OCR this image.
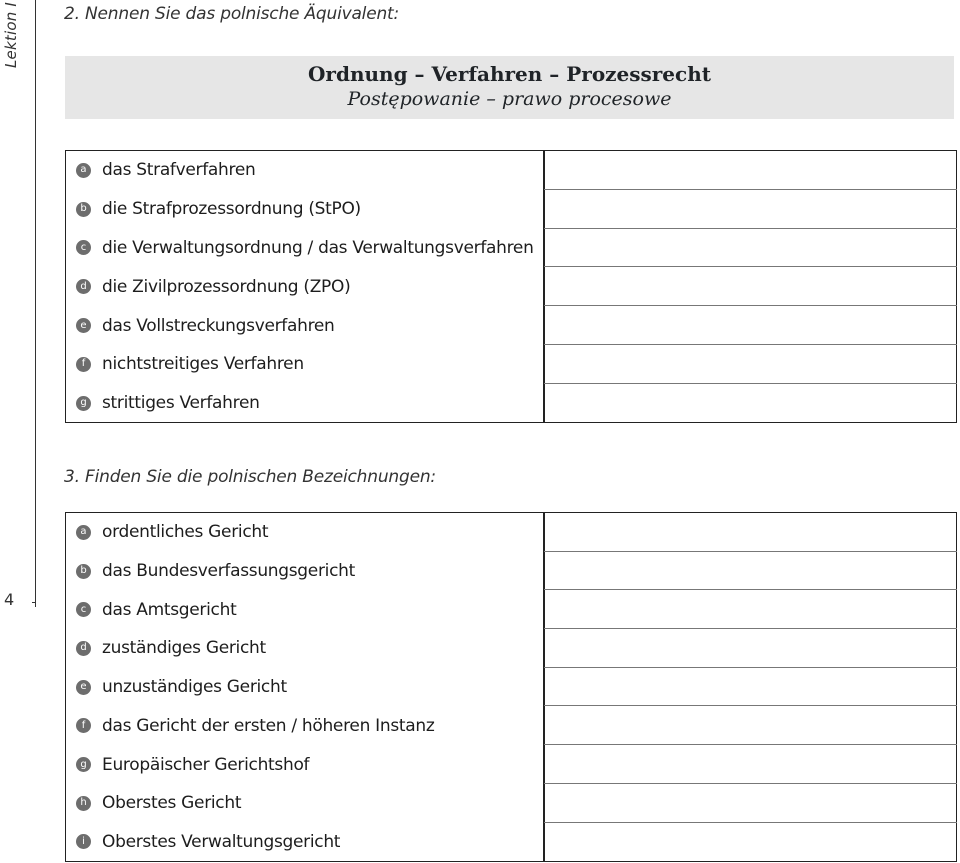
Lektion I
4
2. Nennen Sie das polnische Äquivalent:
Ordnung – Verfahren – Prozessrecht
Postępowanie – prawo procesowe
a das Strafverfahren
b die Strafprozessordnung (StPO)
c die Verwaltungsordnung / das Verwaltungsverfahren
d die Zivilprozessordnung (ZPO)
e das Vollstreckungsverfahren
f nichtstreitiges Verfahren
g strittiges Verfahren
3. Finden Sie die polnischen Bezeichnungen:
a ordentliches Gericht
b das Bundesverfassungsgericht
c das Amtsgericht
d zuständiges Gericht
e unzuständiges Gericht
f das Gericht der ersten / höheren Instanz
g Europäischer Gerichtshof
h Oberstes Gericht
i	Oberstes Verwaltungsgericht
